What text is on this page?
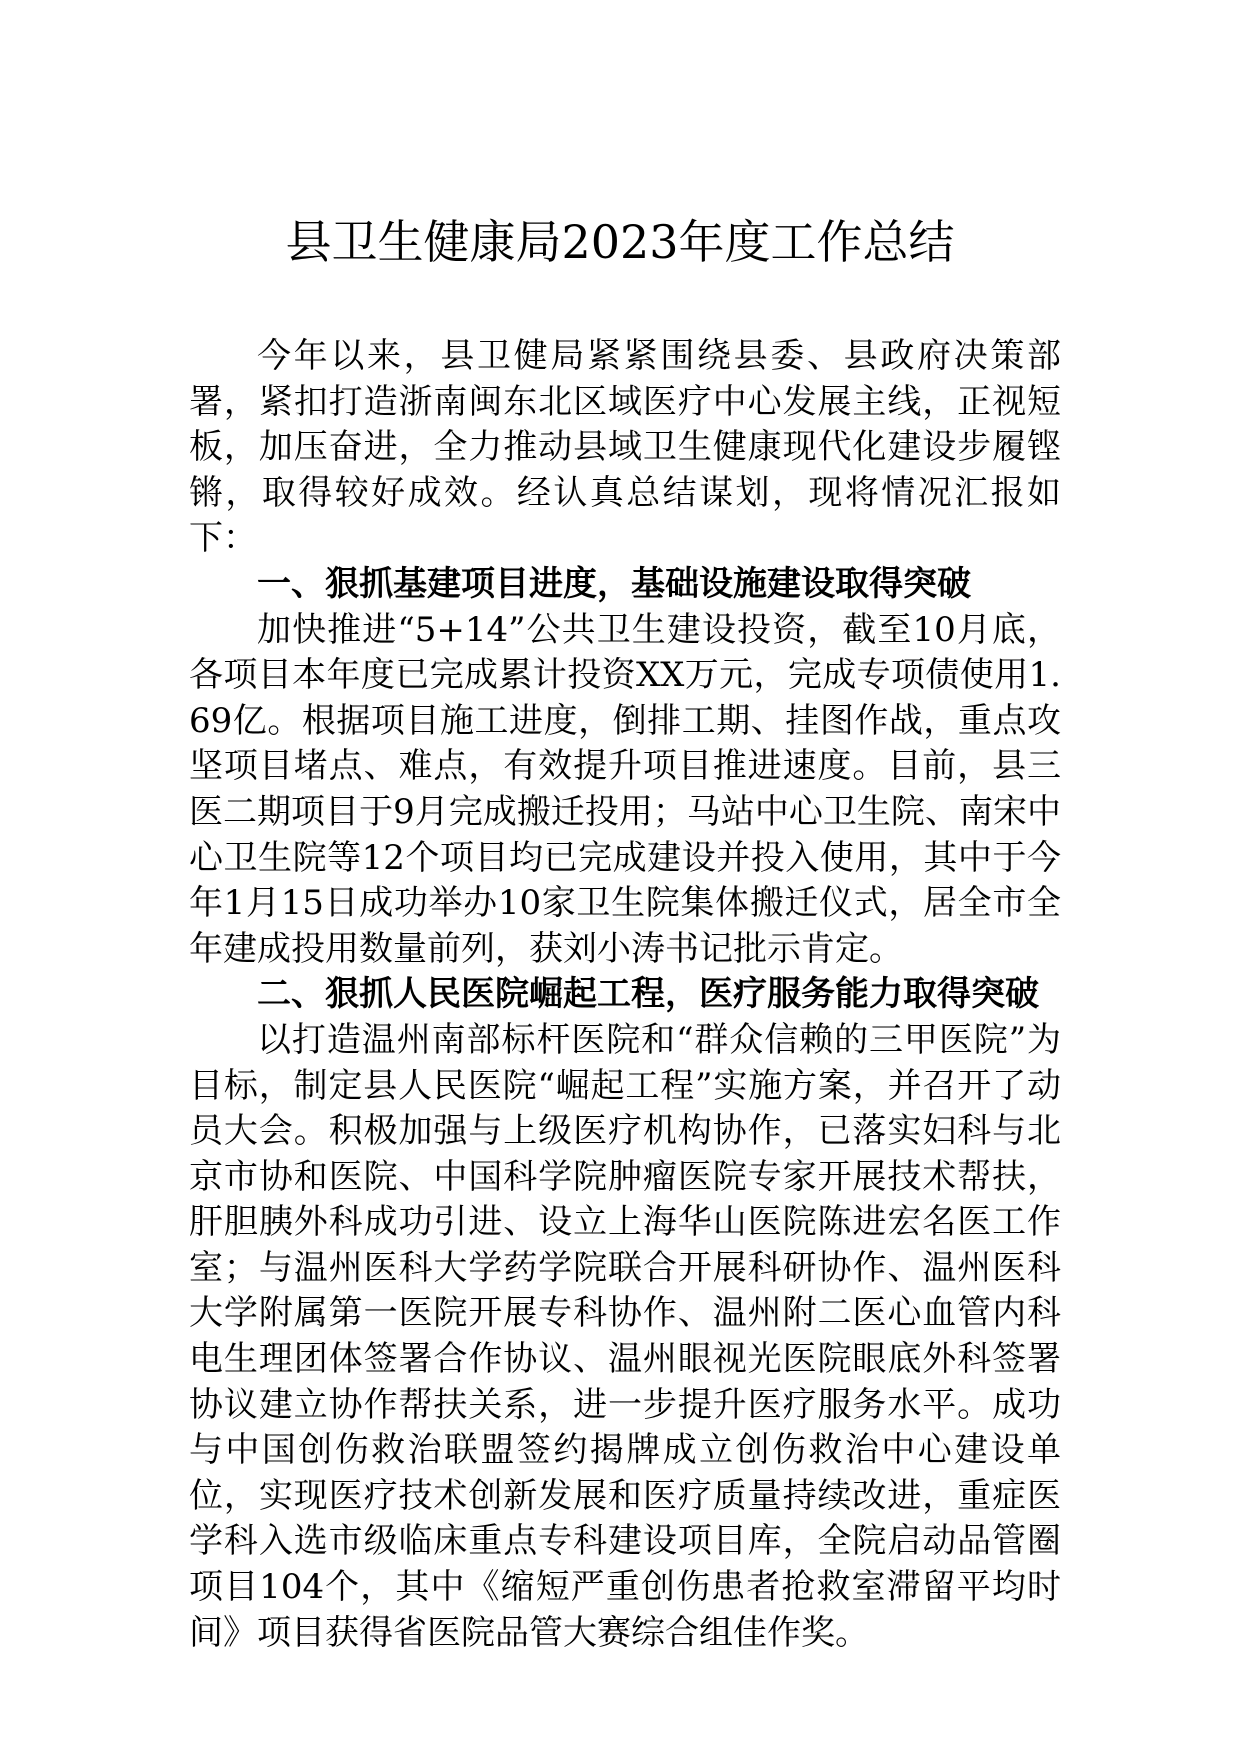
县卫生健康局2023年度工作总结

今年以来，县卫健局紧紧围绕县委、县政府决策部署，紧扣打造浙南闽东北区域医疗中心发展主线，正视短板，加压奋进，全力推动县域卫生健康现代化建设步履铿锵，取得较好成效。经认真总结谋划，现将情况汇报如下：

一、狠抓基建项目进度，基础设施建设取得突破

加快推进“5+14”公共卫生建设投资，截至10月底，各项目本年度已完成累计投资XX万元，完成专项债使用1.69亿。根据项目施工进度，倒排工期、挂图作战，重点攻坚项目堵点、难点，有效提升项目推进速度。目前，县三医二期项目于9月完成搬迁投用；马站中心卫生院、南宋中心卫生院等12个项目均已完成建设并投入使用，其中于今年1月15日成功举办10家卫生院集体搬迁仪式，居全市全年建成投用数量前列，获刘小涛书记批示肯定。

二、狠抓人民医院崛起工程，医疗服务能力取得突破

以打造温州南部标杆医院和“群众信赖的三甲医院”为目标，制定县人民医院“崛起工程”实施方案，并召开了动员大会。积极加强与上级医疗机构协作，已落实妇科与北京市协和医院、中国科学院肿瘤医院专家开展技术帮扶，肝胆胰外科成功引进、设立上海华山医院陈进宏名医工作室；与温州医科大学药学院联合开展科研协作、温州医科大学附属第一医院开展专科协作、温州附二医心血管内科电生理团体签署合作协议、温州眼视光医院眼底外科签署协议建立协作帮扶关系，进一步提升医疗服务水平。成功与中国创伤救治联盟签约揭牌成立创伤救治中心建设单位，实现医疗技术创新发展和医疗质量持续改进，重症医学科入选市级临床重点专科建设项目库，全院启动品管圈项目104个，其中《缩短严重创伤患者抢救室滞留平均时间》项目获得省医院品管大赛综合组佳作奖。
